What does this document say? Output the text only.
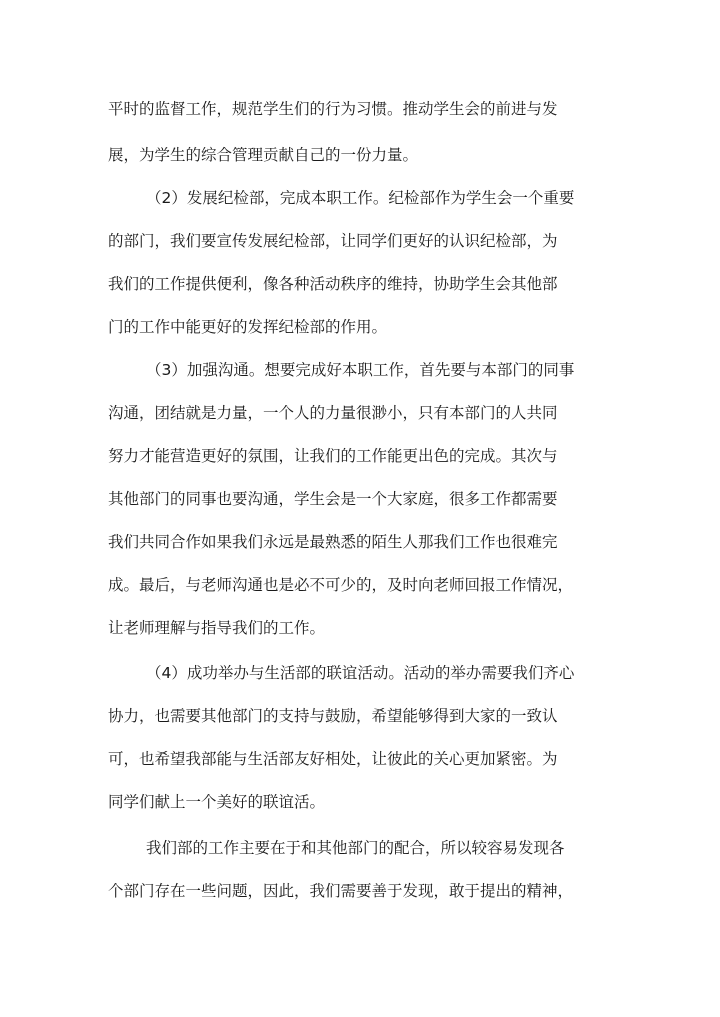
平时的监督工作，规范学生们的行为习惯。推动学生会的前进与发
展，为学生的综合管理贡献自己的一份力量。
（2）发展纪检部，完成本职工作。纪检部作为学生会一个重要
的部门，我们要宣传发展纪检部，让同学们更好的认识纪检部，为
我们的工作提供便利，像各种活动秩序的维持，协助学生会其他部
门的工作中能更好的发挥纪检部的作用。
（3）加强沟通。想要完成好本职工作，首先要与本部门的同事
沟通，团结就是力量，一个人的力量很渺小，只有本部门的人共同
努力才能营造更好的氛围，让我们的工作能更出色的完成。其次与
其他部门的同事也要沟通，学生会是一个大家庭，很多工作都需要
我们共同合作如果我们永远是最熟悉的陌生人那我们工作也很难完
成。最后，与老师沟通也是必不可少的，及时向老师回报工作情况，
让老师理解与指导我们的工作。
（4）成功举办与生活部的联谊活动。活动的举办需要我们齐心
协力，也需要其他部门的支持与鼓励，希望能够得到大家的一致认
可，也希望我部能与生活部友好相处，让彼此的关心更加紧密。为
同学们献上一个美好的联谊活。
我们部的工作主要在于和其他部门的配合，所以较容易发现各
个部门存在一些问题，因此，我们需要善于发现，敢于提出的精神，
